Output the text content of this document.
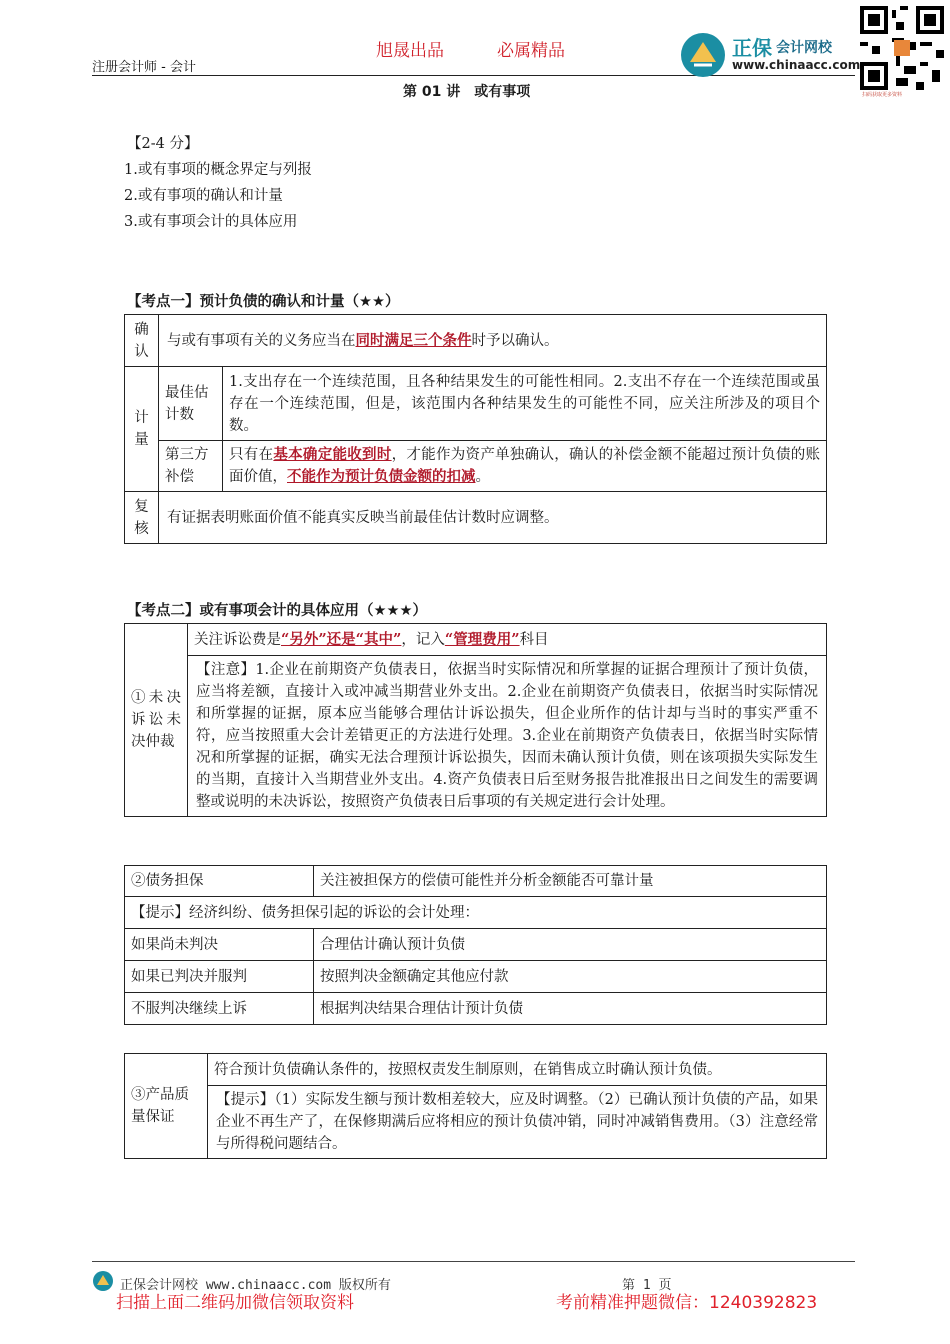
旭晟出品	必属精品
注册会计师 - 会计
正保 会计网校
www.chinaacc.com
扫码获取更多资料
第 01 讲　或有事项
【2-4 分】
1.或有事项的概念界定与列报
2.或有事项的确认和计量
3.或有事项会计的具体应用
【考点一】预计负债的确认和计量（★★）
确认	与或有事项有关的义务应当在同时满足三个条件时予以确认。	
计量	最佳估计数	1.支出存在一个连续范围，且各种结果发生的可能性相同。2.支出不存在一个连续范围或虽存在一个连续范围，但是，该范围内各种结果发生的可能性不同，应关注所涉及的项目个数。
	第三方补偿	只有在基本确定能收到时，才能作为资产单独确认，确认的补偿金额不能超过预计负债的账面价值，不能作为预计负债金额的扣减。
复核	有证据表明账面价值不能真实反映当前最佳估计数时应调整。	
【考点二】或有事项会计的具体应用（★★★）
①未决诉讼未决仲裁	关注诉讼费是“另外”还是“其中”，记入“管理费用”科目
【注意】1.企业在前期资产负债表日，依据当时实际情况和所掌握的证据合理预计了预计负债，应当将差额，直接计入或冲减当期营业外支出。2.企业在前期资产负债表日，依据当时实际情况和所掌握的证据，原本应当能够合理估计诉讼损失，但企业所作的估计却与当时的事实严重不符，应当按照重大会计差错更正的方法进行处理。3.企业在前期资产负债表日，依据当时实际情况和所掌握的证据，确实无法合理预计诉讼损失，因而未确认预计负债，则在该项损失实际发生的当期，直接计入当期营业外支出。4.资产负债表日后至财务报告批准报出日之间发生的需要调整或说明的未决诉讼，按照资产负债表日后事项的有关规定进行会计处理。
②债务担保	关注被担保方的偿债可能性并分析金额能否可靠计量
【提示】经济纠纷、债务担保引起的诉讼的会计处理：	
如果尚未判决	合理估计确认预计负债
如果已判决并服判	按照判决金额确定其他应付款
不服判决继续上诉	根据判决结果合理估计预计负债
③产品质量保证	符合预计负债确认条件的，按照权责发生制原则，在销售成立时确认预计负债。
【提示】（1）实际发生额与预计数相差较大，应及时调整。（2）已确认预计负债的产品，如果企业不再生产了，在保修期满后应将相应的预计负债冲销，同时冲减销售费用。（3）注意经常与所得税问题结合。
正保会计网校 www.chinaacc.com 版权所有	第 1 页
扫描上面二维码加微信领取资料	考前精准押题微信：1240392823
